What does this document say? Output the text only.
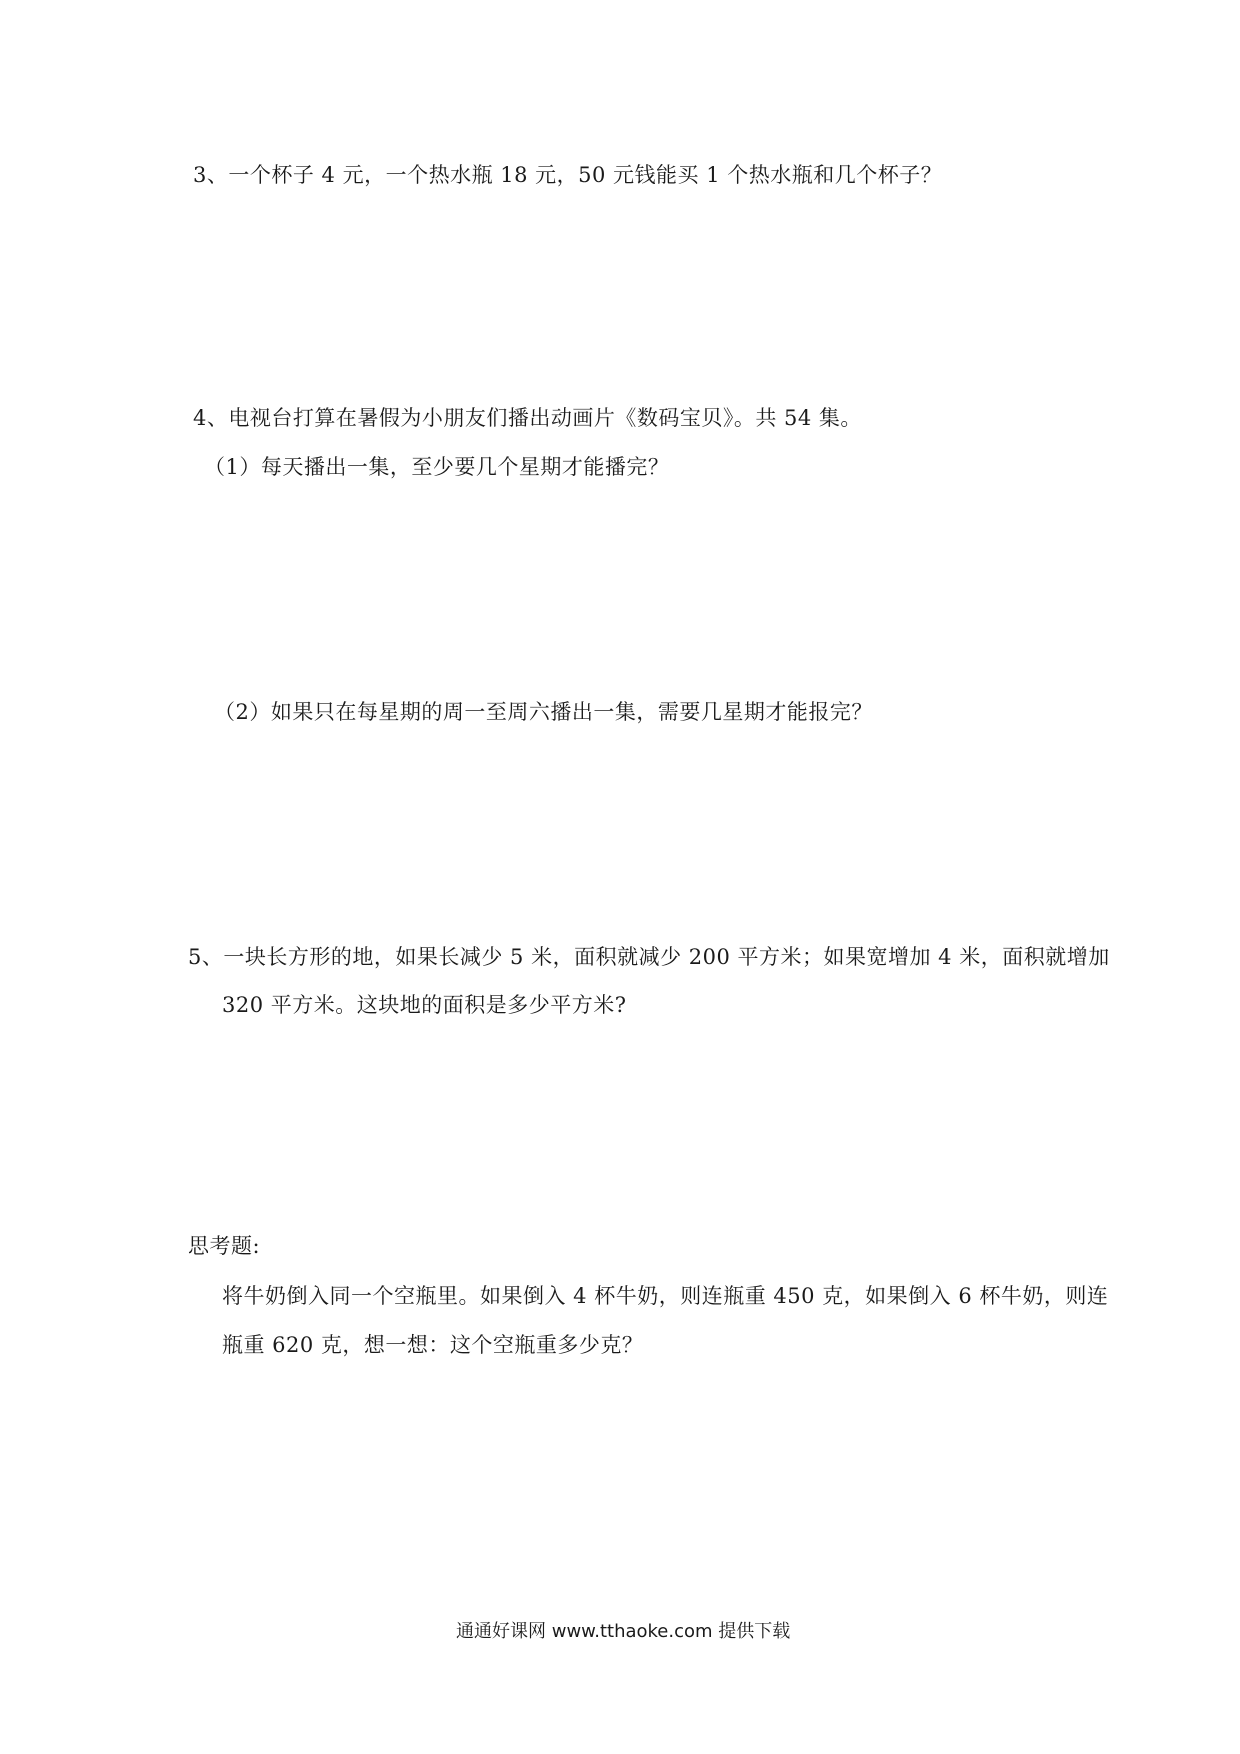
3、一个杯子 4 元，一个热水瓶 18 元，50 元钱能买 1 个热水瓶和几个杯子？
4、电视台打算在暑假为小朋友们播出动画片《数码宝贝》。共 54 集。
（1）每天播出一集，至少要几个星期才能播完？
（2）如果只在每星期的周一至周六播出一集，需要几星期才能报完？
5、一块长方形的地，如果长减少 5 米，面积就减少 200 平方米；如果宽增加 4 米，面积就增加
320 平方米。这块地的面积是多少平方米?
思考题:
将牛奶倒入同一个空瓶里。如果倒入 4 杯牛奶，则连瓶重 450 克，如果倒入 6 杯牛奶，则连
瓶重 620 克，想一想：这个空瓶重多少克？
通通好课网 www.tthaoke.com 提供下载
